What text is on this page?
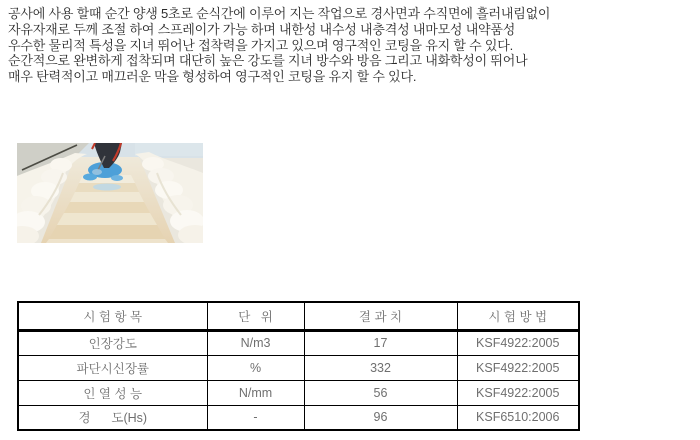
공사에 사용 할때 순간 양생 5초로 순식간에 이루어 지는 작업으로 경사면과 수직면에 흘러내림없이
자유자재로 두께 조절 하여 스프레이가 가능 하며 내한성 내수성 내충격성 내마모성 내약품성
우수한 물리적 특성을 지녀 뛰어난 접착력을 가지고 있으며 영구적인 코팅을 유지 할 수 있다.
순간적으로 완변하게 접착되며 대단히 높은 강도를 지녀 방수와 방음 그리고 내화학성이 뛰어나
매우 탄력적이고 매끄러운 막을 형성하여 영구적인 코팅을 유지 할 수 있다.
시 험 항 목	단   위	결 과 치	시 험 방 법
인장강도	N/m3	17	KSF4922:2005
파단시신장률	%	332	KSF4922:2005
인 열 성 능	N/mm	56	KSF4922:2005
경      도(Hs)	-	96	KSF6510:2006
